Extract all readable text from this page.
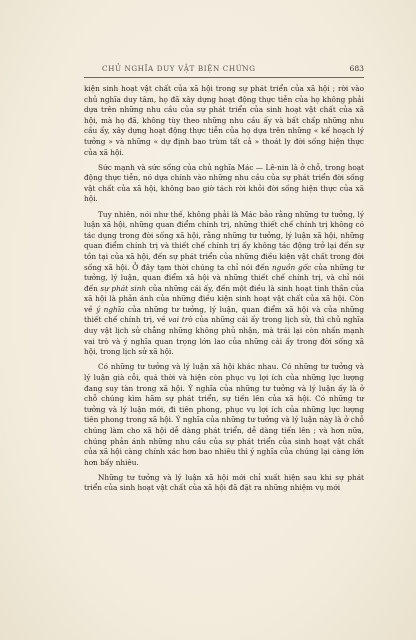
CHỦ NGHĨA DUY VẬT BIỆN CHỨNG	683

kiện sinh hoạt vật chất của xã hội trong sự phát triển của xã hội ; rời vào chủ nghĩa duy tâm, họ đã xây dựng hoạt động thực tiễn của họ không phải dựa trên những nhu cầu của sự phát triển của sinh hoạt vật chất của xã hội, mà họ đã, không tùy theo những nhu cầu ấy và bất chấp những nhu cầu ấy, xây dựng hoạt động thực tiễn của họ dựa trên những « kế hoạch lý tưởng » và những « dự định bao trùm tất cả » thoát ly đời sống hiện thực của xã hội.

Sức mạnh và sức sống của chủ nghĩa Mác — Lê-nin là ở chỗ, trong hoạt động thực tiễn, nó dựa chính vào những nhu cầu của sự phát triển đời sống vật chất của xã hội, không bao giờ tách rời khỏi đời sống hiện thực của xã hội.

Tuy nhiên, nói như thế, không phải là Mác bảo rằng những tư tưởng, lý luận xã hội, những quan điểm chính trị, những thiết chế chính trị không có tác dụng trong đời sống xã hội, rằng những tư tưởng, lý luận xã hội, những quan điểm chính trị và thiết chế chính trị ấy không tác động trở lại đến sự tồn tại của xã hội, đến sự phát triển của những điều kiện vật chất trong đời sống xã hội. Ở đây tạm thời chúng ta chỉ nói đến nguồn gốc của những tư tưởng, lý luận, quan điểm xã hội và những thiết chế chính trị, và chỉ nói đến sự phát sinh của những cái ấy, đến một điều là sinh hoạt tinh thần của xã hội là phản ánh của những điều kiện sinh hoạt vật chất của xã hội. Còn về ý nghĩa của những tư tưởng, lý luận, quan điểm xã hội và của những thiết chế chính trị, về vai trò của những cái ấy trong lịch sử, thì chủ nghĩa duy vật lịch sử chẳng những không phủ nhận, mà trái lại còn nhấn mạnh vai trò và ý nghĩa quan trọng lớn lao của những cái ấy trong đời sống xã hội, trong lịch sử xã hội.

Có những tư tưởng và lý luận xã hội khác nhau. Có những tư tưởng và lý luận già cỗi, quá thời và hiện còn phục vụ lợi ích của những lực lượng đang suy tàn trong xã hội. Ý nghĩa của những tư tưởng và lý luận ấy là ở chỗ chúng kìm hãm sự phát triển, sự tiến lên của xã hội. Có những tư tưởng và lý luận mới, đi tiên phong, phục vụ lợi ích của những lực lượng tiên phong trong xã hội. Ý nghĩa của những tư tưởng và lý luận này là ở chỗ chúng làm cho xã hội dễ dàng phát triển, dễ dàng tiến lên ; và hơn nữa, chúng phản ánh những nhu cầu của sự phát triển của sinh hoạt vật chất của xã hội càng chính xác hơn bao nhiêu thì ý nghĩa của chúng lại càng lớn hơn bấy nhiêu.

Những tư tưởng và lý luận xã hội mới chỉ xuất hiện sau khi sự phát triển của sinh hoạt vật chất của xã hội đã đặt ra những nhiệm vụ mới
